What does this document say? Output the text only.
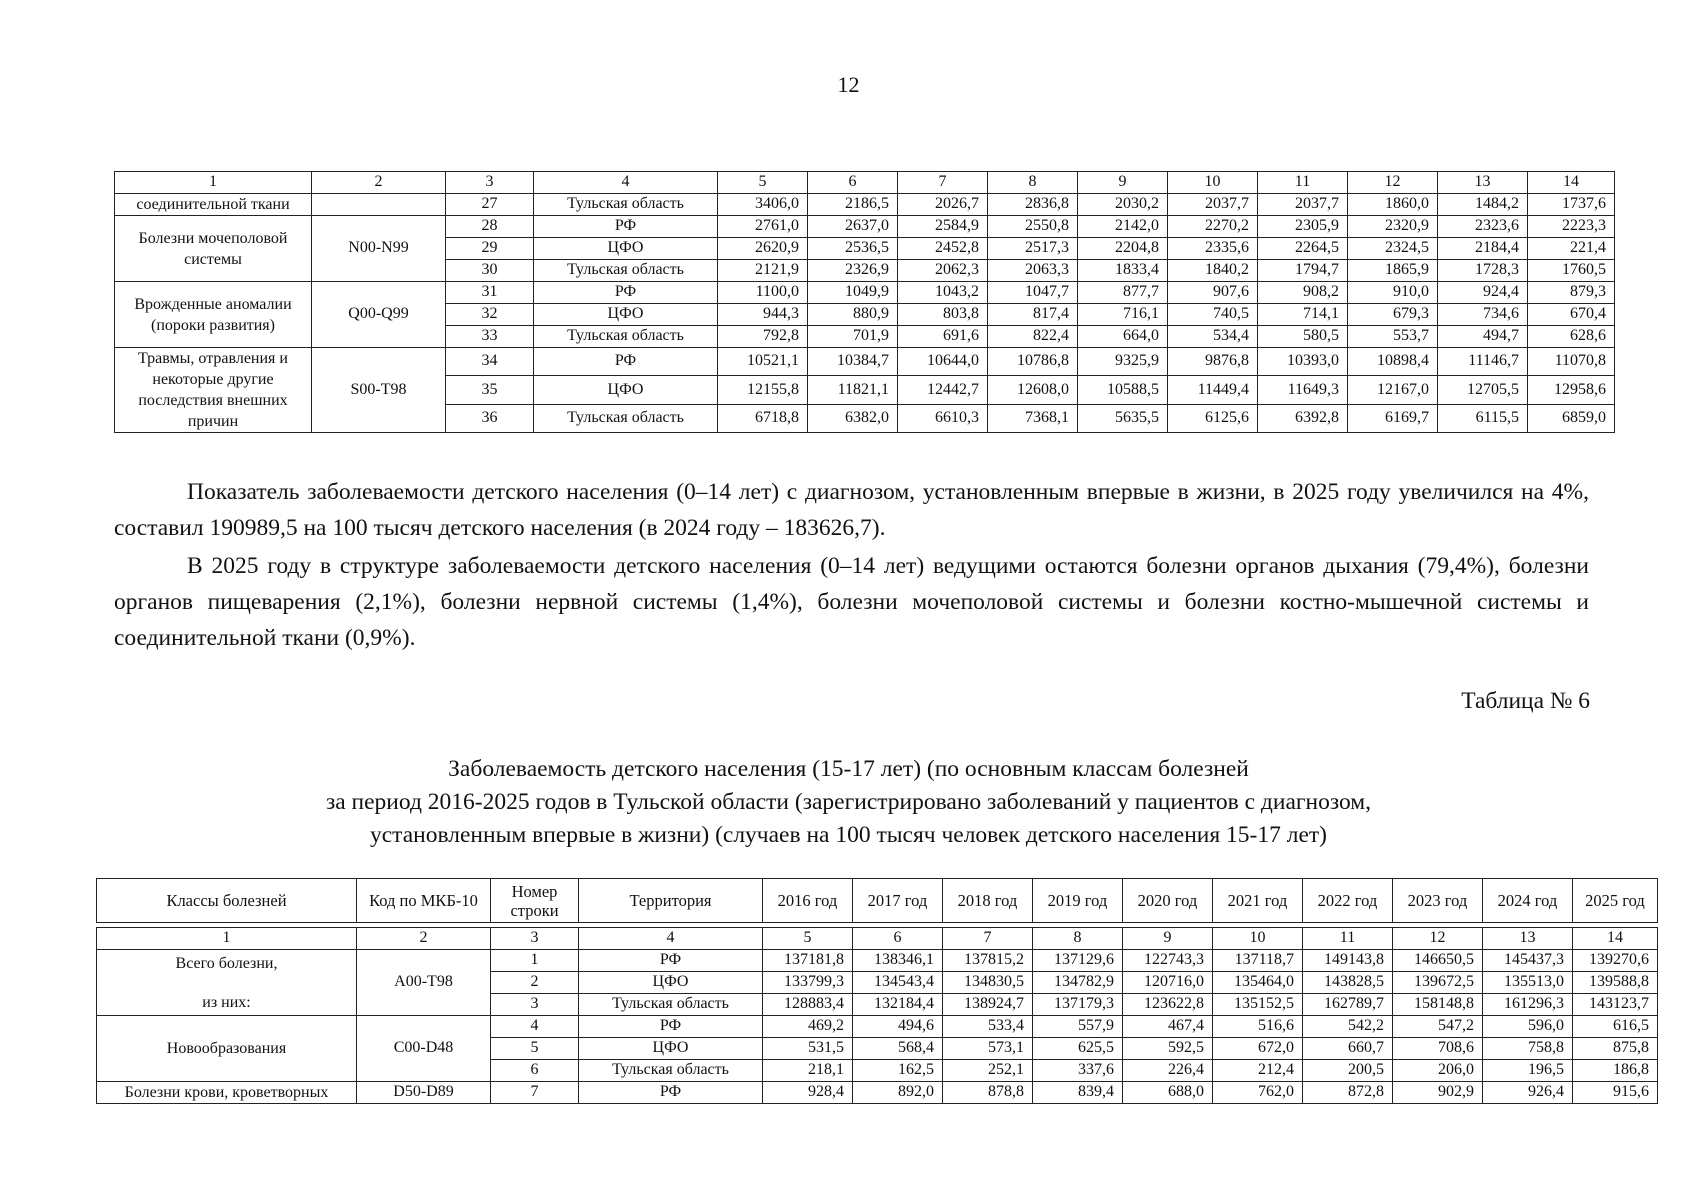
12
1	2	3	4	5	6	7	8	9	10	11	12	13	14
соединительной ткани		27	Тульская область	3406,0	2186,5	2026,7	2836,8	2030,2	2037,7	2037,7	1860,0	1484,2	1737,6
Болезни мочеполовой системы	N00-N99	28	РФ	2761,0	2637,0	2584,9	2550,8	2142,0	2270,2	2305,9	2320,9	2323,6	2223,3
		29	ЦФО	2620,9	2536,5	2452,8	2517,3	2204,8	2335,6	2264,5	2324,5	2184,4	221,4
		30	Тульская область	2121,9	2326,9	2062,3	2063,3	1833,4	1840,2	1794,7	1865,9	1728,3	1760,5
Врожденные аномалии (пороки развития)	Q00-Q99	31	РФ	1100,0	1049,9	1043,2	1047,7	877,7	907,6	908,2	910,0	924,4	879,3
		32	ЦФО	944,3	880,9	803,8	817,4	716,1	740,5	714,1	679,3	734,6	670,4
		33	Тульская область	792,8	701,9	691,6	822,4	664,0	534,4	580,5	553,7	494,7	628,6
Травмы, отравления и некоторые другие последствия внешних причин	S00-T98	34	РФ	10521,1	10384,7	10644,0	10786,8	9325,9	9876,8	10393,0	10898,4	11146,7	11070,8
		35	ЦФО	12155,8	11821,1	12442,7	12608,0	10588,5	11449,4	11649,3	12167,0	12705,5	12958,6
		36	Тульская область	6718,8	6382,0	6610,3	7368,1	5635,5	6125,6	6392,8	6169,7	6115,5	6859,0

Показатель заболеваемости детского населения (0–14 лет) с диагнозом, установленным впервые в жизни, в 2025 году увеличился на 4%, составил 190989,5 на 100 тысяч детского населения (в 2024 году – 183626,7).

В 2025 году в структуре заболеваемости детского населения (0–14 лет) ведущими остаются болезни органов дыхания (79,4%), болезни органов пищеварения (2,1%), болезни нервной системы (1,4%), болезни мочеполовой системы и болезни костно-мышечной системы и соединительной ткани (0,9%).

Таблица № 6
Заболеваемость детского населения (15-17 лет) (по основным классам болезней
за период 2016-2025 годов в Тульской области (зарегистрировано заболеваний у пациентов с диагнозом,
установленным впервые в жизни) (случаев на 100 тысяч человек детского населения 15-17 лет)
Классы болезней	Код по МКБ-10	Номер строки	Территория	2016 год	2017 год	2018 год	2019 год	2020 год	2021 год	2022 год	2023 год	2024 год	2025 год

1	2	3	4	5	6	7	8	9	10	11	12	13	14

Всего болезни,
из них:	A00-T98	1	РФ	137181,8	138346,1	137815,2	137129,6	122743,3	137118,7	149143,8	146650,5	145437,3	139270,6
		2	ЦФО	133799,3	134543,4	134830,5	134782,9	120716,0	135464,0	143828,5	139672,5	135513,0	139588,8
		3	Тульская область	128883,4	132184,4	138924,7	137179,3	123622,8	135152,5	162789,7	158148,8	161296,3	143123,7
Новообразования	C00-D48	4	РФ	469,2	494,6	533,4	557,9	467,4	516,6	542,2	547,2	596,0	616,5
		5	ЦФО	531,5	568,4	573,1	625,5	592,5	672,0	660,7	708,6	758,8	875,8
		6	Тульская область	218,1	162,5	252,1	337,6	226,4	212,4	200,5	206,0	196,5	186,8
Болезни крови, кроветворных	D50-D89	7	РФ	928,4	892,0	878,8	839,4	688,0	762,0	872,8	902,9	926,4	915,6
